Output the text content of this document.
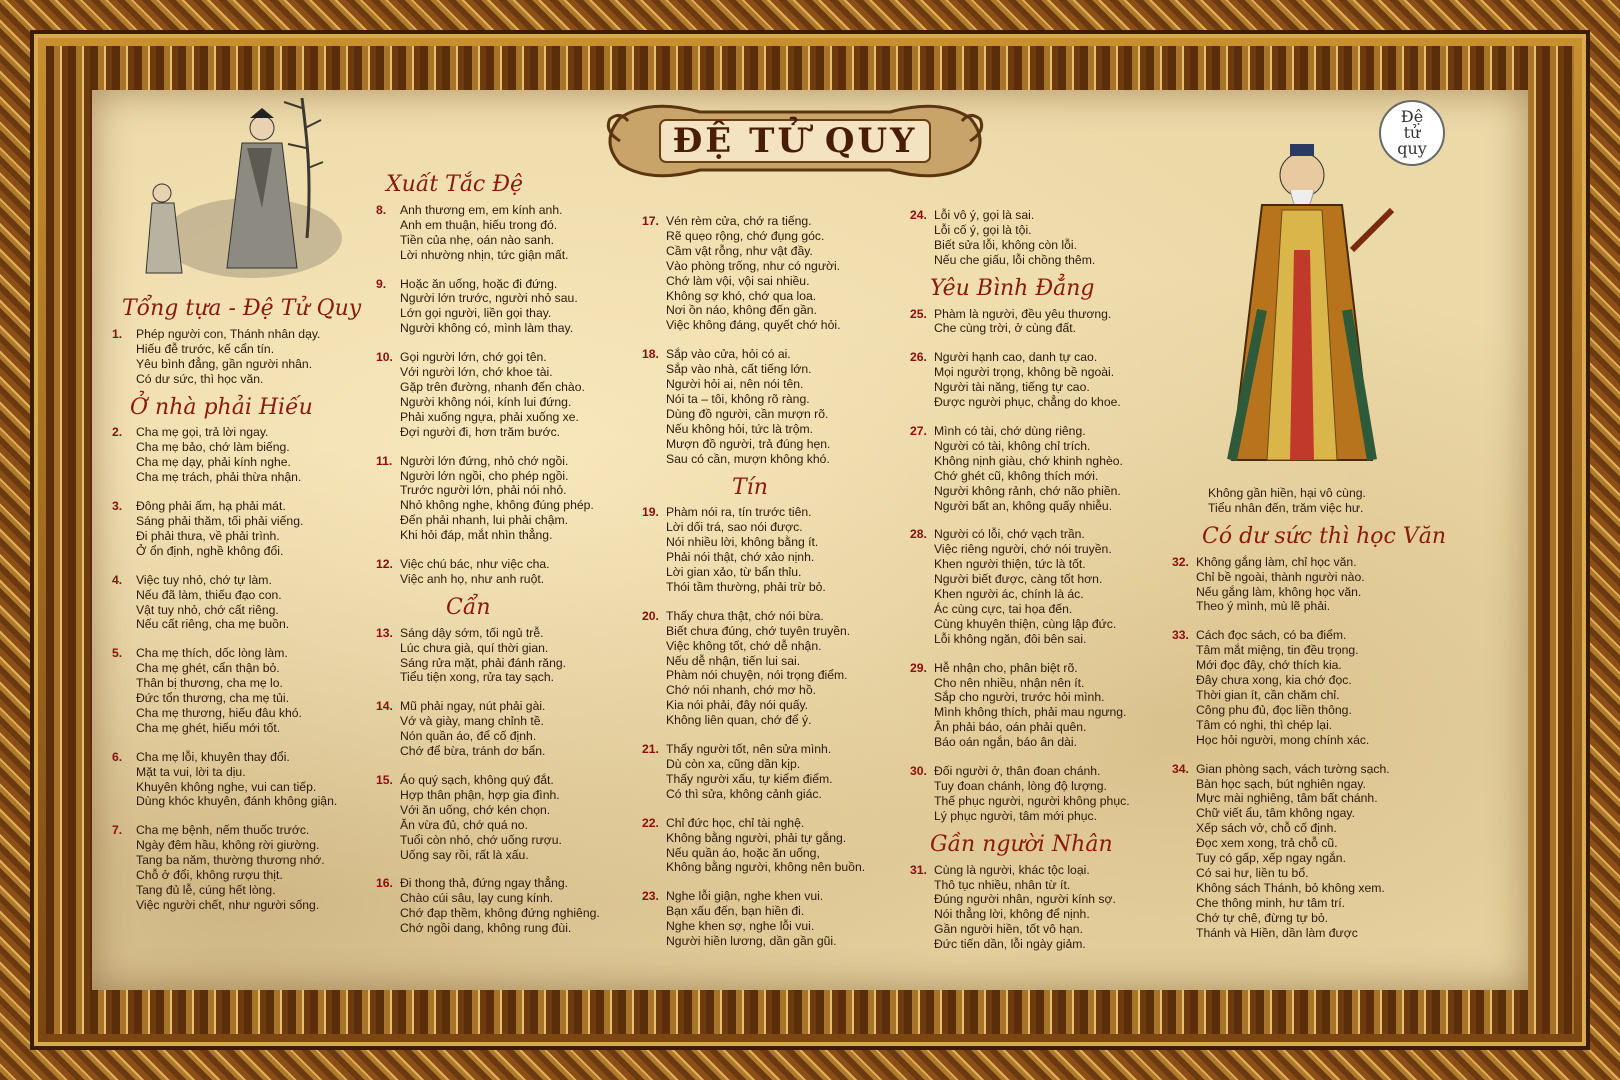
ĐỆ TỬ QUY
Đệ
tử
quy
Tổng tựa - Đệ Tử Quy
1. Phép người con, Thánh nhân dạy.
Hiếu đễ trước, kế cẩn tín.
Yêu bình đẳng, gần người nhân.
Có dư sức, thì học văn.
Ở nhà phải Hiếu
2. Cha mẹ gọi, trả lời ngay.
Cha mẹ bảo, chớ làm biếng.
Cha mẹ dạy, phải kính nghe.
Cha mẹ trách, phải thừa nhận.
3. Đông phải ấm, hạ phải mát.
Sáng phải thăm, tối phải viếng.
Đi phải thưa, về phải trình.
Ở ổn định, nghề không đổi.
4. Việc tuy nhỏ, chớ tự làm.
Nếu đã làm, thiếu đạo con.
Vật tuy nhỏ, chớ cất riêng.
Nếu cất riêng, cha mẹ buồn.
5. Cha mẹ thích, dốc lòng làm.
Cha mẹ ghét, cẩn thận bỏ.
Thân bị thương, cha mẹ lo.
Đức tổn thương, cha mẹ tủi.
Cha mẹ thương, hiếu đâu khó.
Cha mẹ ghét, hiếu mới tốt.
6. Cha mẹ lỗi, khuyên thay đổi.
Mặt ta vui, lời ta dịu.
Khuyên không nghe, vui can tiếp.
Dùng khóc khuyên, đánh không giận.
7. Cha mẹ bệnh, nếm thuốc trước.
Ngày đêm hầu, không rời giường.
Tang ba năm, thường thương nhớ.
Chỗ ở đổi, không rượu thịt.
Tang đủ lễ, cúng hết lòng.
Việc người chết, như người sống.
Xuất Tắc Đệ
8. Anh thương em, em kính anh.
Anh em thuận, hiếu trong đó.
Tiền của nhẹ, oán nào sanh.
Lời nhường nhịn, tức giận mất.
9. Hoặc ăn uống, hoặc đi đứng.
Người lớn trước, người nhỏ sau.
Lớn gọi người, liền gọi thay.
Người không có, mình làm thay.
10. Gọi người lớn, chớ gọi tên.
Với người lớn, chớ khoe tài.
Gặp trên đường, nhanh đến chào.
Người không nói, kính lui đứng.
Phải xuống ngựa, phải xuống xe.
Đợi người đi, hơn trăm bước.
11. Người lớn đứng, nhỏ chớ ngồi.
Người lớn ngồi, cho phép ngồi.
Trước người lớn, phải nói nhỏ.
Nhỏ không nghe, không đúng phép.
Đến phải nhanh, lui phải chậm.
Khi hỏi đáp, mắt nhìn thẳng.
12. Việc chú bác, như việc cha.
Việc anh họ, như anh ruột.
Cẩn
13. Sáng dậy sớm, tối ngủ trễ.
Lúc chưa già, quí thời gian.
Sáng rửa mặt, phải đánh răng.
Tiểu tiện xong, rửa tay sạch.
14. Mũ phải ngay, nút phải gài.
Vớ và giày, mang chỉnh tề.
Nón quần áo, để cố định.
Chớ để bừa, tránh dơ bẩn.
15. Áo quý sạch, không quý đắt.
Hợp thân phận, hợp gia đình.
Với ăn uống, chớ kén chọn.
Ăn vừa đủ, chớ quá no.
Tuổi còn nhỏ, chớ uống rượu.
Uống say rồi, rất là xấu.
16. Đi thong thả, đứng ngay thẳng.
Chào cúi sâu, lạy cung kính.
Chớ đạp thềm, không đứng nghiêng.
Chớ ngồi dang, không rung đùi.
17. Vén rèm cửa, chớ ra tiếng.
Rẽ quẹo rộng, chớ đụng góc.
Cầm vật rỗng, như vật đầy.
Vào phòng trống, như có người.
Chớ làm vội, vội sai nhiều.
Không sợ khó, chớ qua loa.
Nơi ồn náo, không đến gần.
Việc không đáng, quyết chớ hỏi.
18. Sắp vào cửa, hỏi có ai.
Sắp vào nhà, cất tiếng lớn.
Người hỏi ai, nên nói tên.
Nói ta – tôi, không rõ ràng.
Dùng đồ người, cần mượn rõ.
Nếu không hỏi, tức là trộm.
Mượn đồ người, trả đúng hẹn.
Sau có cần, mượn không khó.
Tín
19. Phàm nói ra, tín trước tiên.
Lời dối trá, sao nói được.
Nói nhiều lời, không bằng ít.
Phải nói thật, chớ xảo nịnh.
Lời gian xảo, từ bẩn thỉu.
Thói tầm thường, phải trừ bỏ.
20. Thấy chưa thật, chớ nói bừa.
Biết chưa đúng, chớ tuyên truyền.
Việc không tốt, chớ dễ nhận.
Nếu dễ nhận, tiến lui sai.
Phàm nói chuyện, nói trọng điểm.
Chớ nói nhanh, chớ mơ hồ.
Kia nói phải, đây nói quấy.
Không liên quan, chớ để ý.
21. Thấy người tốt, nên sửa mình.
Dù còn xa, cũng dần kịp.
Thấy người xấu, tự kiểm điểm.
Có thì sửa, không cảnh giác.
22. Chỉ đức học, chỉ tài nghệ.
Không bằng người, phải tự gắng.
Nếu quần áo, hoặc ăn uống,
Không bằng người, không nên buồn.
23. Nghe lỗi giận, nghe khen vui.
Bạn xấu đến, bạn hiền đi.
Nghe khen sợ, nghe lỗi vui.
Người hiền lương, dần gần gũi.
24. Lỗi vô ý, gọi là sai.
Lỗi cố ý, gọi là tội.
Biết sửa lỗi, không còn lỗi.
Nếu che giấu, lỗi chồng thêm.
Yêu Bình Đẳng
25. Phàm là người, đều yêu thương.
Che cùng trời, ở cùng đất.
26. Người hạnh cao, danh tự cao.
Mọi người trọng, không bề ngoài.
Người tài năng, tiếng tự cao.
Được người phục, chẳng do khoe.
27. Mình có tài, chớ dùng riêng.
Người có tài, không chỉ trích.
Không nịnh giàu, chớ khinh nghèo.
Chớ ghét cũ, không thích mới.
Người không rảnh, chớ não phiền.
Người bất an, không quấy nhiễu.
28. Người có lỗi, chớ vạch trần.
Việc riêng người, chớ nói truyền.
Khen người thiện, tức là tốt.
Người biết được, càng tốt hơn.
Khen người ác, chính là ác.
Ác cùng cực, tai họa đến.
Cùng khuyên thiện, cùng lập đức.
Lỗi không ngăn, đôi bên sai.
29. Hễ nhận cho, phân biệt rõ.
Cho nên nhiều, nhận nên ít.
Sắp cho người, trước hỏi mình.
Mình không thích, phải mau ngưng.
Ân phải báo, oán phải quên.
Báo oán ngắn, báo ân dài.
30. Đối người ở, thân đoan chánh.
Tuy đoan chánh, lòng độ lượng.
Thế phục người, người không phục.
Lý phục người, tâm mới phục.
Gần người Nhân
31. Cùng là người, khác tộc loại.
Thô tục nhiều, nhân từ ít.
Đúng người nhân, người kính sợ.
Nói thẳng lời, không để nịnh.
Gần người hiền, tốt vô hạn.
Đức tiến dần, lỗi ngày giảm.
Không gần hiền, hại vô cùng.
Tiểu nhân đến, trăm việc hư.
Có dư sức thì học Văn
32. Không gắng làm, chỉ học văn.
Chỉ bề ngoài, thành người nào.
Nếu gắng làm, không học văn.
Theo ý mình, mù lẽ phải.
33. Cách đọc sách, có ba điểm.
Tâm mắt miệng, tin đều trọng.
Mới đọc đây, chớ thích kia.
Đây chưa xong, kia chớ đọc.
Thời gian ít, cần chăm chỉ.
Công phu đủ, đọc liền thông.
Tâm có nghi, thì chép lại.
Học hỏi người, mong chính xác.
34. Gian phòng sạch, vách tường sạch.
Bàn học sạch, bút nghiên ngay.
Mực mài nghiêng, tâm bất chánh.
Chữ viết ẩu, tâm không ngay.
Xếp sách vở, chỗ cố định.
Đọc xem xong, trả chỗ cũ.
Tuy có gấp, xếp ngay ngắn.
Có sai hư, liền tu bổ.
Không sách Thánh, bỏ không xem.
Che thông minh, hư tâm trí.
Chớ tự chê, đừng tự bỏ.
Thánh và Hiền, dần làm được
